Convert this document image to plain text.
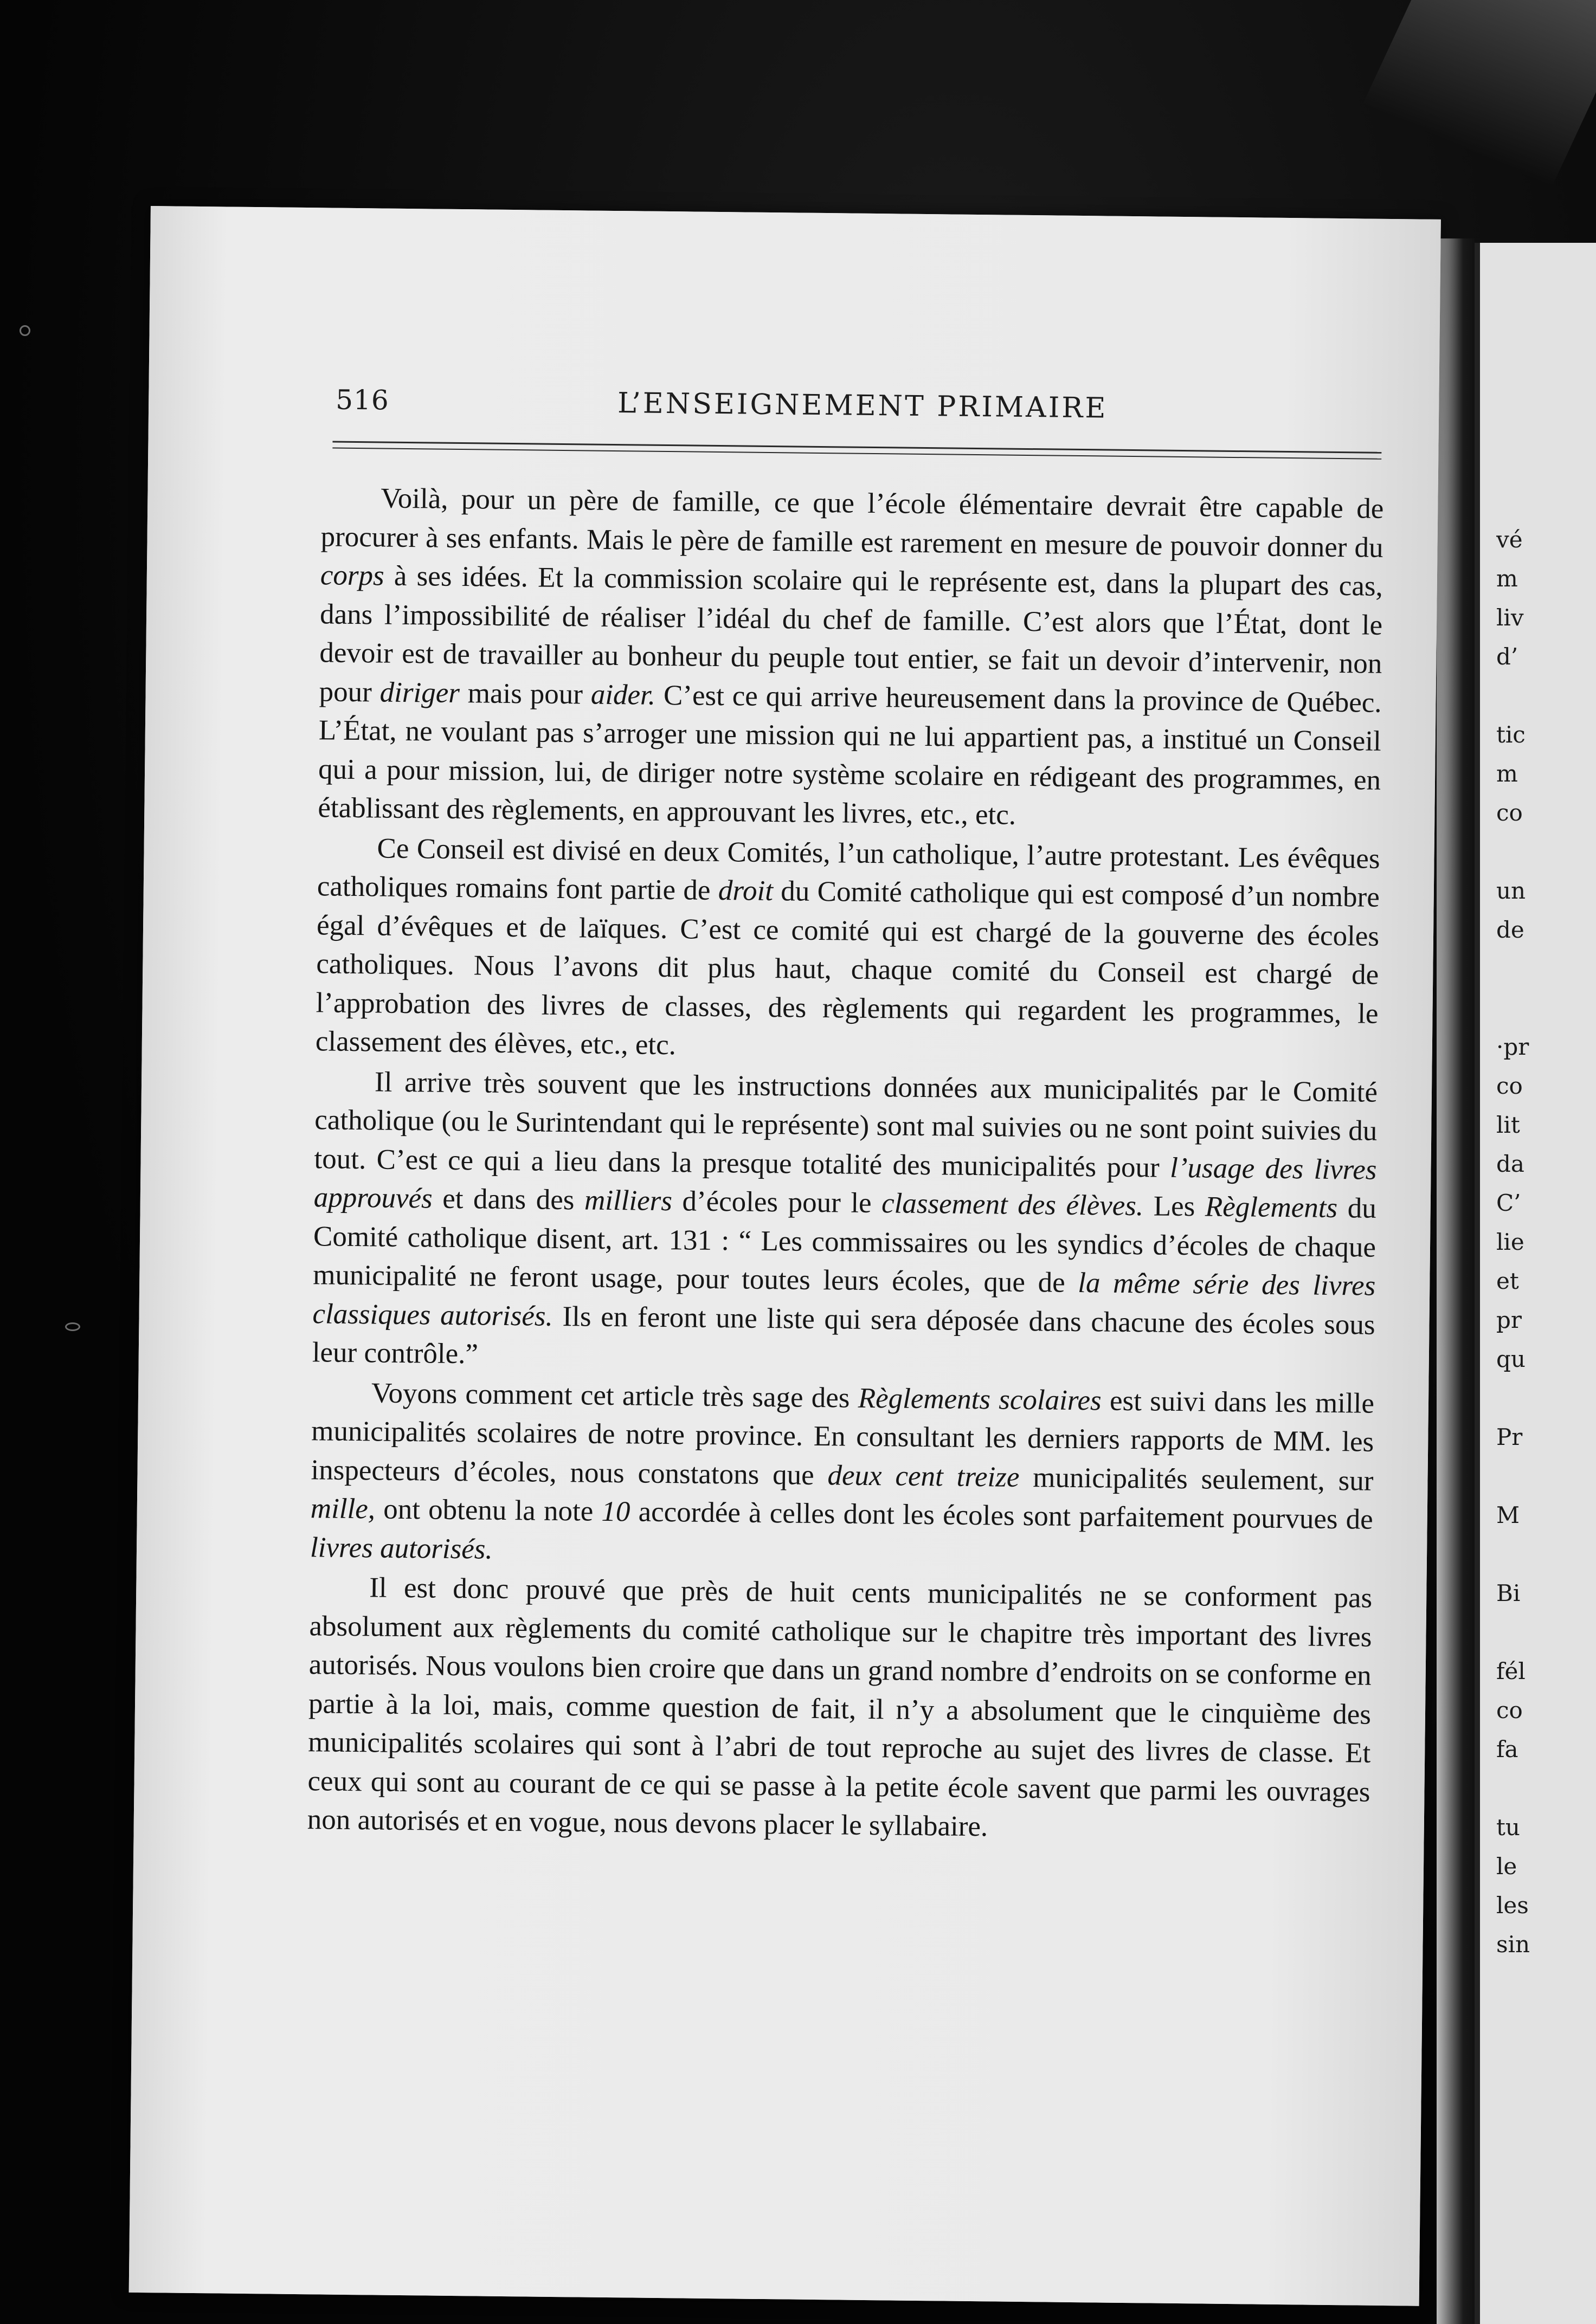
vé
m
liv
d’

tic
m
co

un
de

·pr
co
lit
da
C’
lie
et
pr
qu

Pr

M

Bi

fél
co
fa

tu
le
les
sin
516	L’ENSEIGNEMENT PRIMAIRE

Voilà, pour un père de famille, ce que l’école élémentaire devrait être capable de procurer à ses enfants. Mais le père de famille est rarement en mesure de pouvoir donner du corps à ses idées. Et la commission scolaire qui le représente est, dans la plupart des cas, dans l’impossibilité de réaliser l’idéal du chef de famille. C’est alors que l’État, dont le devoir est de travailler au bonheur du peuple tout entier, se fait un devoir d’intervenir, non pour diriger mais pour aider. C’est ce qui arrive heureusement dans la province de Québec. L’État, ne voulant pas s’arroger une mission qui ne lui appartient pas, a institué un Conseil qui a pour mission, lui, de diriger notre système scolaire en rédigeant des programmes, en établissant des règlements, en approuvant les livres, etc., etc.

Ce Conseil est divisé en deux Comités, l’un catholique, l’autre protestant. Les évêques catholiques romains font partie de droit du Comité catholique qui est composé d’un nombre égal d’évêques et de laïques. C’est ce comité qui est chargé de la gouverne des écoles catholiques. Nous l’avons dit plus haut, chaque comité du Conseil est chargé de l’approbation des livres de classes, des règlements qui regardent les programmes, le classement des élèves, etc., etc.

Il arrive très souvent que les instructions données aux municipalités par le Comité catholique (ou le Surintendant qui le représente) sont mal suivies ou ne sont point suivies du tout. C’est ce qui a lieu dans la presque totalité des municipalités pour l’usage des livres approuvés et dans des milliers d’écoles pour le classement des élèves. Les Règlements du Comité catholique disent, art. 131 : “ Les commissaires ou les syndics d’écoles de chaque municipalité ne feront usage, pour toutes leurs écoles, que de la même série des livres classiques autorisés. Ils en feront une liste qui sera déposée dans chacune des écoles sous leur contrôle.”

Voyons comment cet article très sage des Règlements scolaires est suivi dans les mille municipalités scolaires de notre province. En consultant les derniers rapports de MM. les inspecteurs d’écoles, nous constatons que deux cent treize municipalités seulement, sur mille, ont obtenu la note 10 accordée à celles dont les écoles sont parfaitement pourvues de livres autorisés.

Il est donc prouvé que près de huit cents municipalités ne se conforment pas absolument aux règlements du comité catholique sur le chapitre très important des livres autorisés. Nous voulons bien croire que dans un grand nombre d’endroits on se conforme en partie à la loi, mais, comme question de fait, il n’y a absolument que le cinquième des municipalités scolaires qui sont à l’abri de tout reproche au sujet des livres de classe. Et ceux qui sont au courant de ce qui se passe à la petite école savent que parmi les ouvrages non autorisés et en vogue, nous devons placer le syllabaire.
